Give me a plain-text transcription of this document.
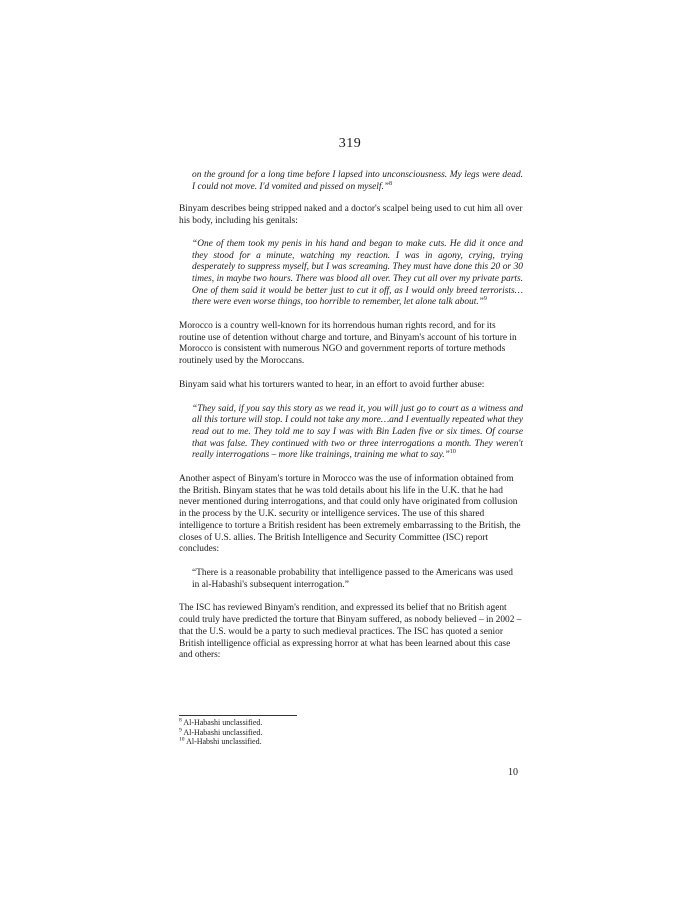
319

on the ground for a long time before I lapsed into unconsciousness. My legs were dead. I could not move. I'd vomited and pissed on myself.”$^8$

Binyam describes being stripped naked and a doctor's scalpel being used to cut him all over his body, including his genitals:

“One of them took my penis in his hand and began to make cuts. He did it once and they stood for a minute, watching my reaction. I was in agony, crying, trying desperately to suppress myself, but I was screaming. They must have done this 20 or 30 times, in maybe two hours. There was blood all over. They cut all over my private parts. One of them said it would be better just to cut it off, as I would only breed terrorists…there were even worse things, too horrible to remember, let alone talk about.”$^9$

Morocco is a country well-known for its horrendous human rights record, and for its routine use of detention without charge and torture, and Binyam's account of his torture in Morocco is consistent with numerous NGO and government reports of torture methods routinely used by the Moroccans.

Binyam said what his torturers wanted to hear, in an effort to avoid further abuse:

“They said, if you say this story as we read it, you will just go to court as a witness and all this torture will stop. I could not take any more…and I eventually repeated what they read out to me. They told me to say I was with Bin Laden five or six times. Of course that was false. They continued with two or three interrogations a month. They weren't really interrogations – more like trainings, training me what to say.”$^{10}$

Another aspect of Binyam's torture in Morocco was the use of information obtained from the British. Binyam states that he was told details about his life in the U.K. that he had never mentioned during interrogations, and that could only have originated from collusion in the process by the U.K. security or intelligence services. The use of this shared intelligence to torture a British resident has been extremely embarrassing to the British, the closes of U.S. allies. The British Intelligence and Security Committee (ISC) report concludes:

“There is a reasonable probability that intelligence passed to the Americans was used in al-Habashi's subsequent interrogation.”

The ISC has reviewed Binyam's rendition, and expressed its belief that no British agent could truly have predicted the torture that Binyam suffered, as nobody believed – in 2002 – that the U.S. would be a party to such medieval practices. The ISC has quoted a senior British intelligence official as expressing horror at what has been learned about this case and others:

$^8$ Al-Habashi unclassified.
$^9$ Al-Habashi unclassified.
$^{10}$ Al-Habshi unclassified.
10
